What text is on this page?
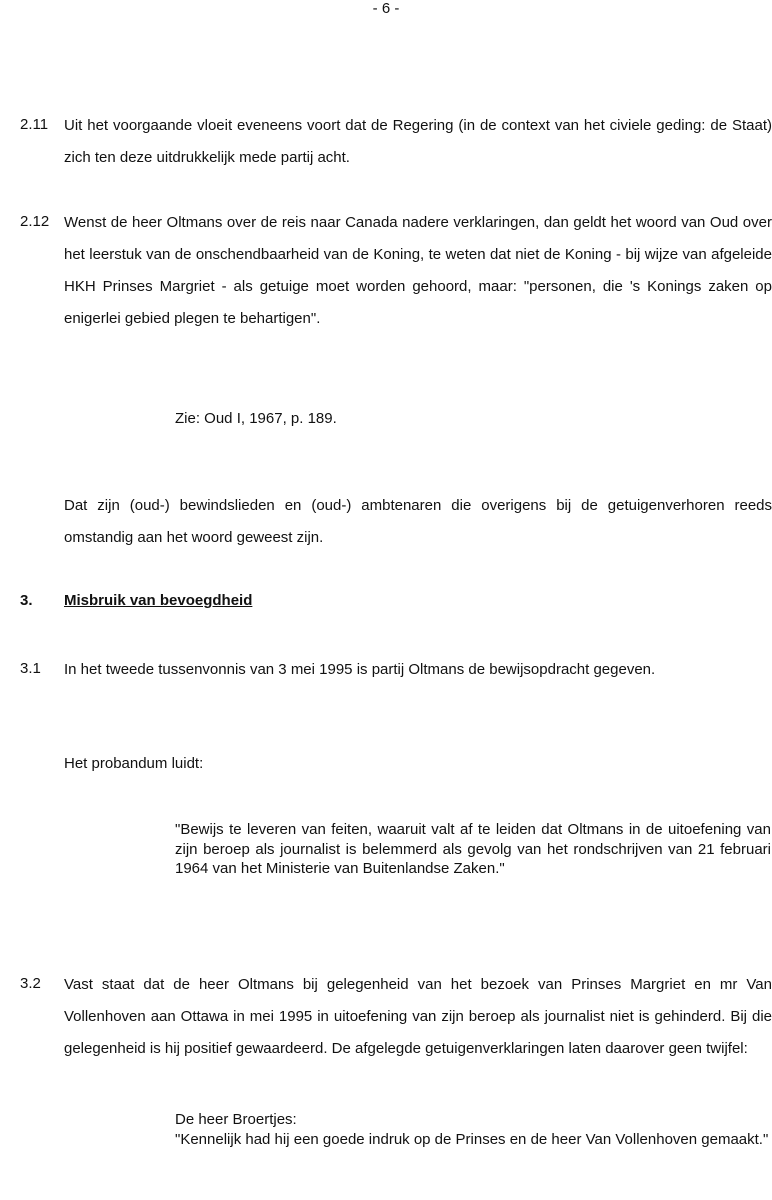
- 6 -
2.11 Uit het voorgaande vloeit eveneens voort dat de Regering (in de context van het civiele geding: de Staat) zich ten deze uitdrukkelijk mede partij acht.
2.12 Wenst de heer Oltmans over de reis naar Canada nadere verklaringen, dan geldt het woord van Oud over het leerstuk van de onschendbaarheid van de Koning, te weten dat niet de Koning - bij wijze van afgeleide HKH Prinses Margriet - als getuige moet worden gehoord, maar: "personen, die 's Konings zaken op enigerlei gebied plegen te behartigen".
Zie: Oud I, 1967, p. 189.
Dat zijn (oud-) bewindslieden en (oud-) ambtenaren die overigens bij de getuigenverhoren reeds omstandig aan het woord geweest zijn.
3. Misbruik van bevoegdheid
3.1 In het tweede tussenvonnis van 3 mei 1995 is partij Oltmans de bewijsopdracht gegeven.
Het probandum luidt:
"Bewijs te leveren van feiten, waaruit valt af te leiden dat Oltmans in de uitoefening van zijn beroep als journalist is belemmerd als gevolg van het rondschrijven van 21 februari 1964 van het Ministerie van Buitenlandse Zaken."
3.2 Vast staat dat de heer Oltmans bij gelegenheid van het bezoek van Prinses Margriet en mr Van Vollenhoven aan Ottawa in mei 1995 in uitoefening van zijn beroep als journalist niet is gehinderd. Bij die gelegenheid is hij positief gewaardeerd. De afgelegde getuigenverklaringen laten daarover geen twijfel:
De heer Broertjes:
"Kennelijk had hij een goede indruk op de Prinses en de heer Van Vollenhoven gemaakt."
